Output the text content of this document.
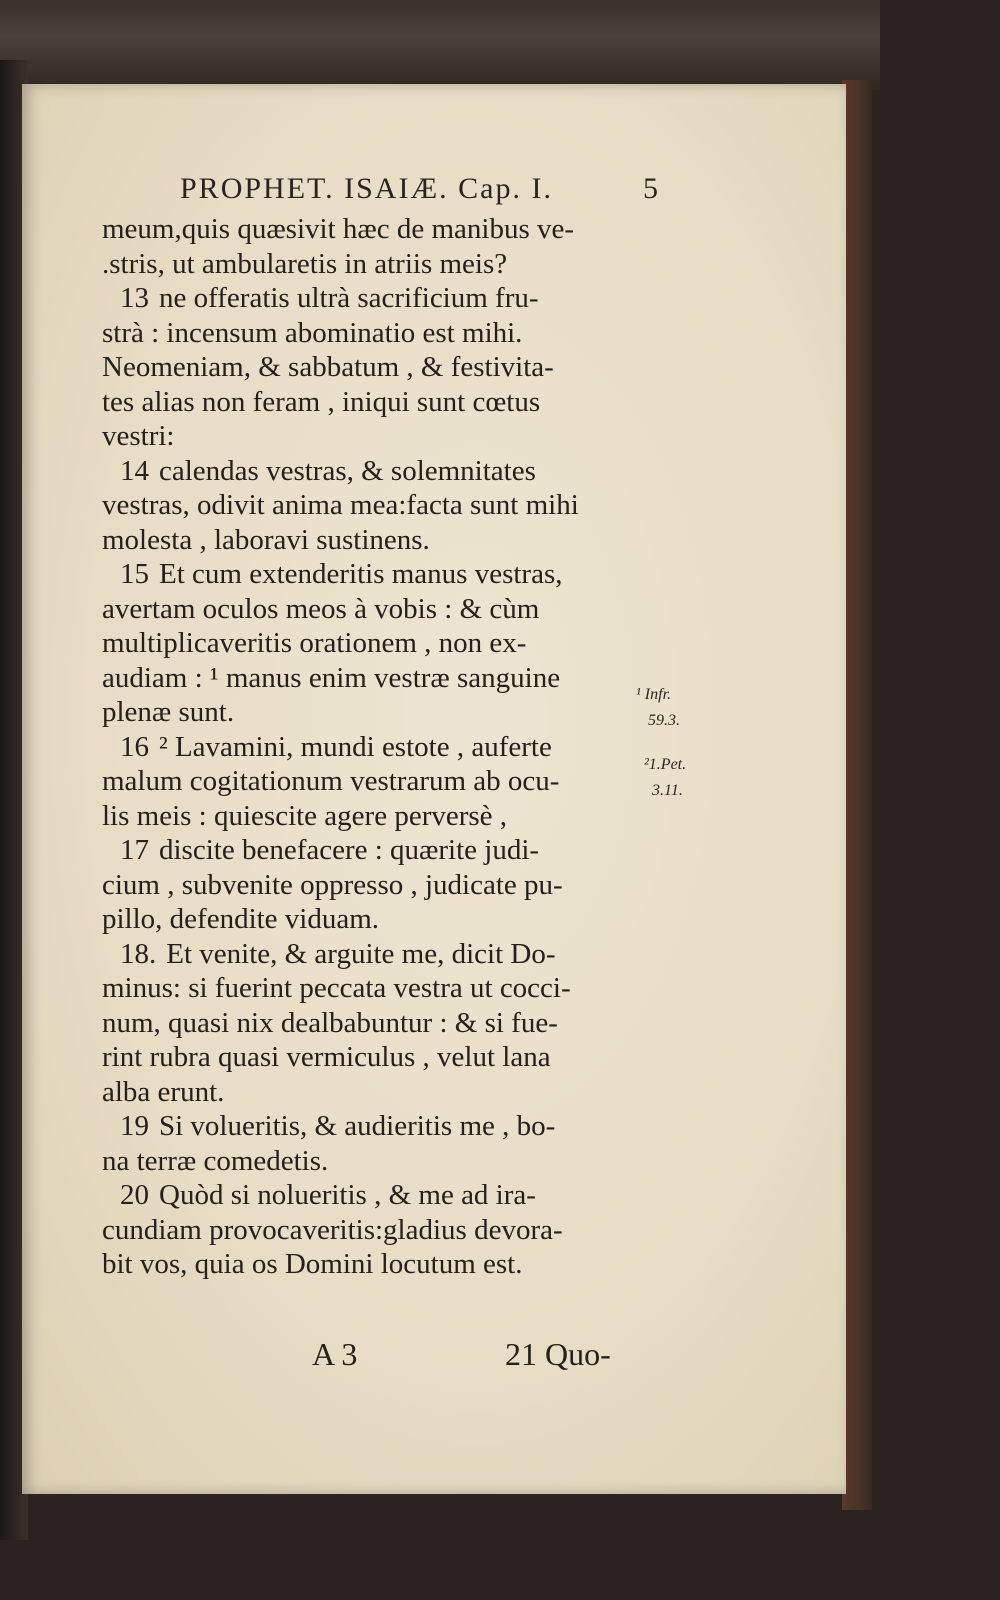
PROPHET. ISAIÆ. Cap. I.	5

meum,quis quæsivit hæc de manibus ve-

.stris, ut ambularetis in atriis meis?

13 ne offeratis ultrà sacrificium fru-

strà : incensum abominatio est mihi.

Neomeniam, & sabbatum , & festivita-

tes alias non feram , iniqui sunt cœtus

vestri:

14 calendas vestras, & solemnitates

vestras, odivit anima mea:facta sunt mihi

molesta , laboravi sustinens.

15 Et cum extenderitis manus vestras,

avertam oculos meos à vobis : & cùm

multiplicaveritis orationem , non ex-

audiam : ¹ manus enim vestræ sanguine

plenæ sunt.

16 ² Lavamini, mundi estote , auferte

malum cogitationum vestrarum ab ocu-

lis meis : quiescite agere perversè ,

17 discite benefacere : quærite judi-

cium , subvenite oppresso , judicate pu-

pillo, defendite viduam.

18. Et venite, & arguite me, dicit Do-

minus: si fuerint peccata vestra ut cocci-

num, quasi nix dealbabuntur : & si fue-

rint rubra quasi vermiculus , velut lana

alba erunt.

19 Si volueritis, & audieritis me , bo-

na terræ comedetis.

20 Quòd si nolueritis , & me ad ira-

cundiam provocaveritis:gladius devora-

bit vos, quia os Domini locutum est.

¹ Infr.
59.3.
²1.Pet.
3.11.
A 3	21 Quo-
